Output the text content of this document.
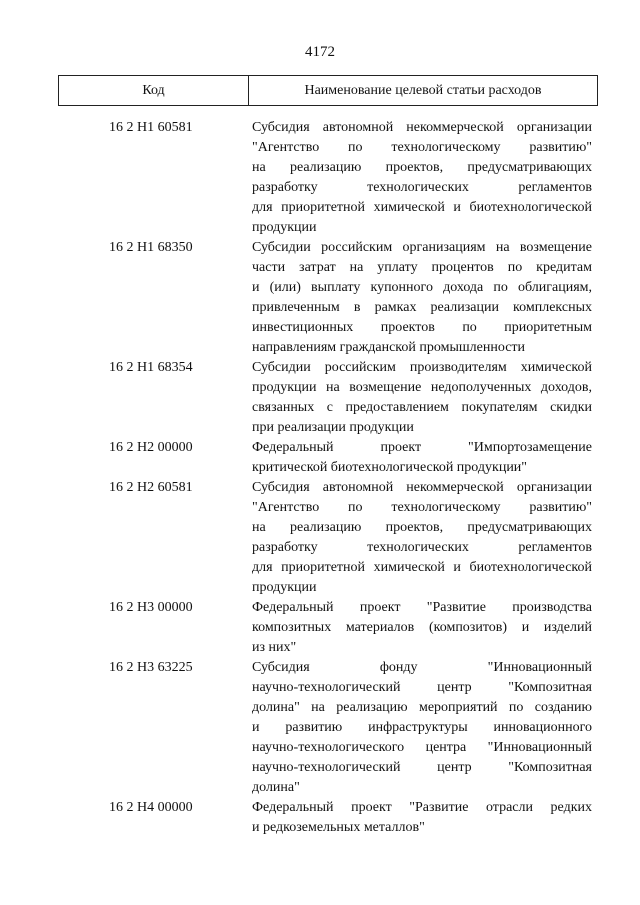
4172
Код	Наименование целевой статьи расходов
16 2 H1 60581	Субсидия автономной некоммерческой организации
"Агентство по технологическому развитию"
на реализацию проектов, предусматривающих
разработку технологических регламентов
для приоритетной химической и биотехнологической
продукции
16 2 H1 68350	Субсидии российским организациям на возмещение
части затрат на уплату процентов по кредитам
и (или) выплату купонного дохода по облигациям,
привлеченным в рамках реализации комплексных
инвестиционных проектов по приоритетным
направлениям гражданской промышленности
16 2 H1 68354	Субсидии российским производителям химической
продукции на возмещение недополученных доходов,
связанных с предоставлением покупателям скидки
при реализации продукции
16 2 H2 00000	Федеральный проект "Импортозамещение
критической биотехнологической продукции"
16 2 H2 60581	Субсидия автономной некоммерческой организации
"Агентство по технологическому развитию"
на реализацию проектов, предусматривающих
разработку технологических регламентов
для приоритетной химической и биотехнологической
продукции
16 2 H3 00000	Федеральный проект "Развитие производства
композитных материалов (композитов) и изделий
из них"
16 2 H3 63225	Субсидия фонду "Инновационный
научно-технологический центр "Композитная
долина" на реализацию мероприятий по созданию
и развитию инфраструктуры инновационного
научно-технологического центра "Инновационный
научно-технологический центр "Композитная
долина"
16 2 H4 00000	Федеральный проект "Развитие отрасли редких
и редкоземельных металлов"
